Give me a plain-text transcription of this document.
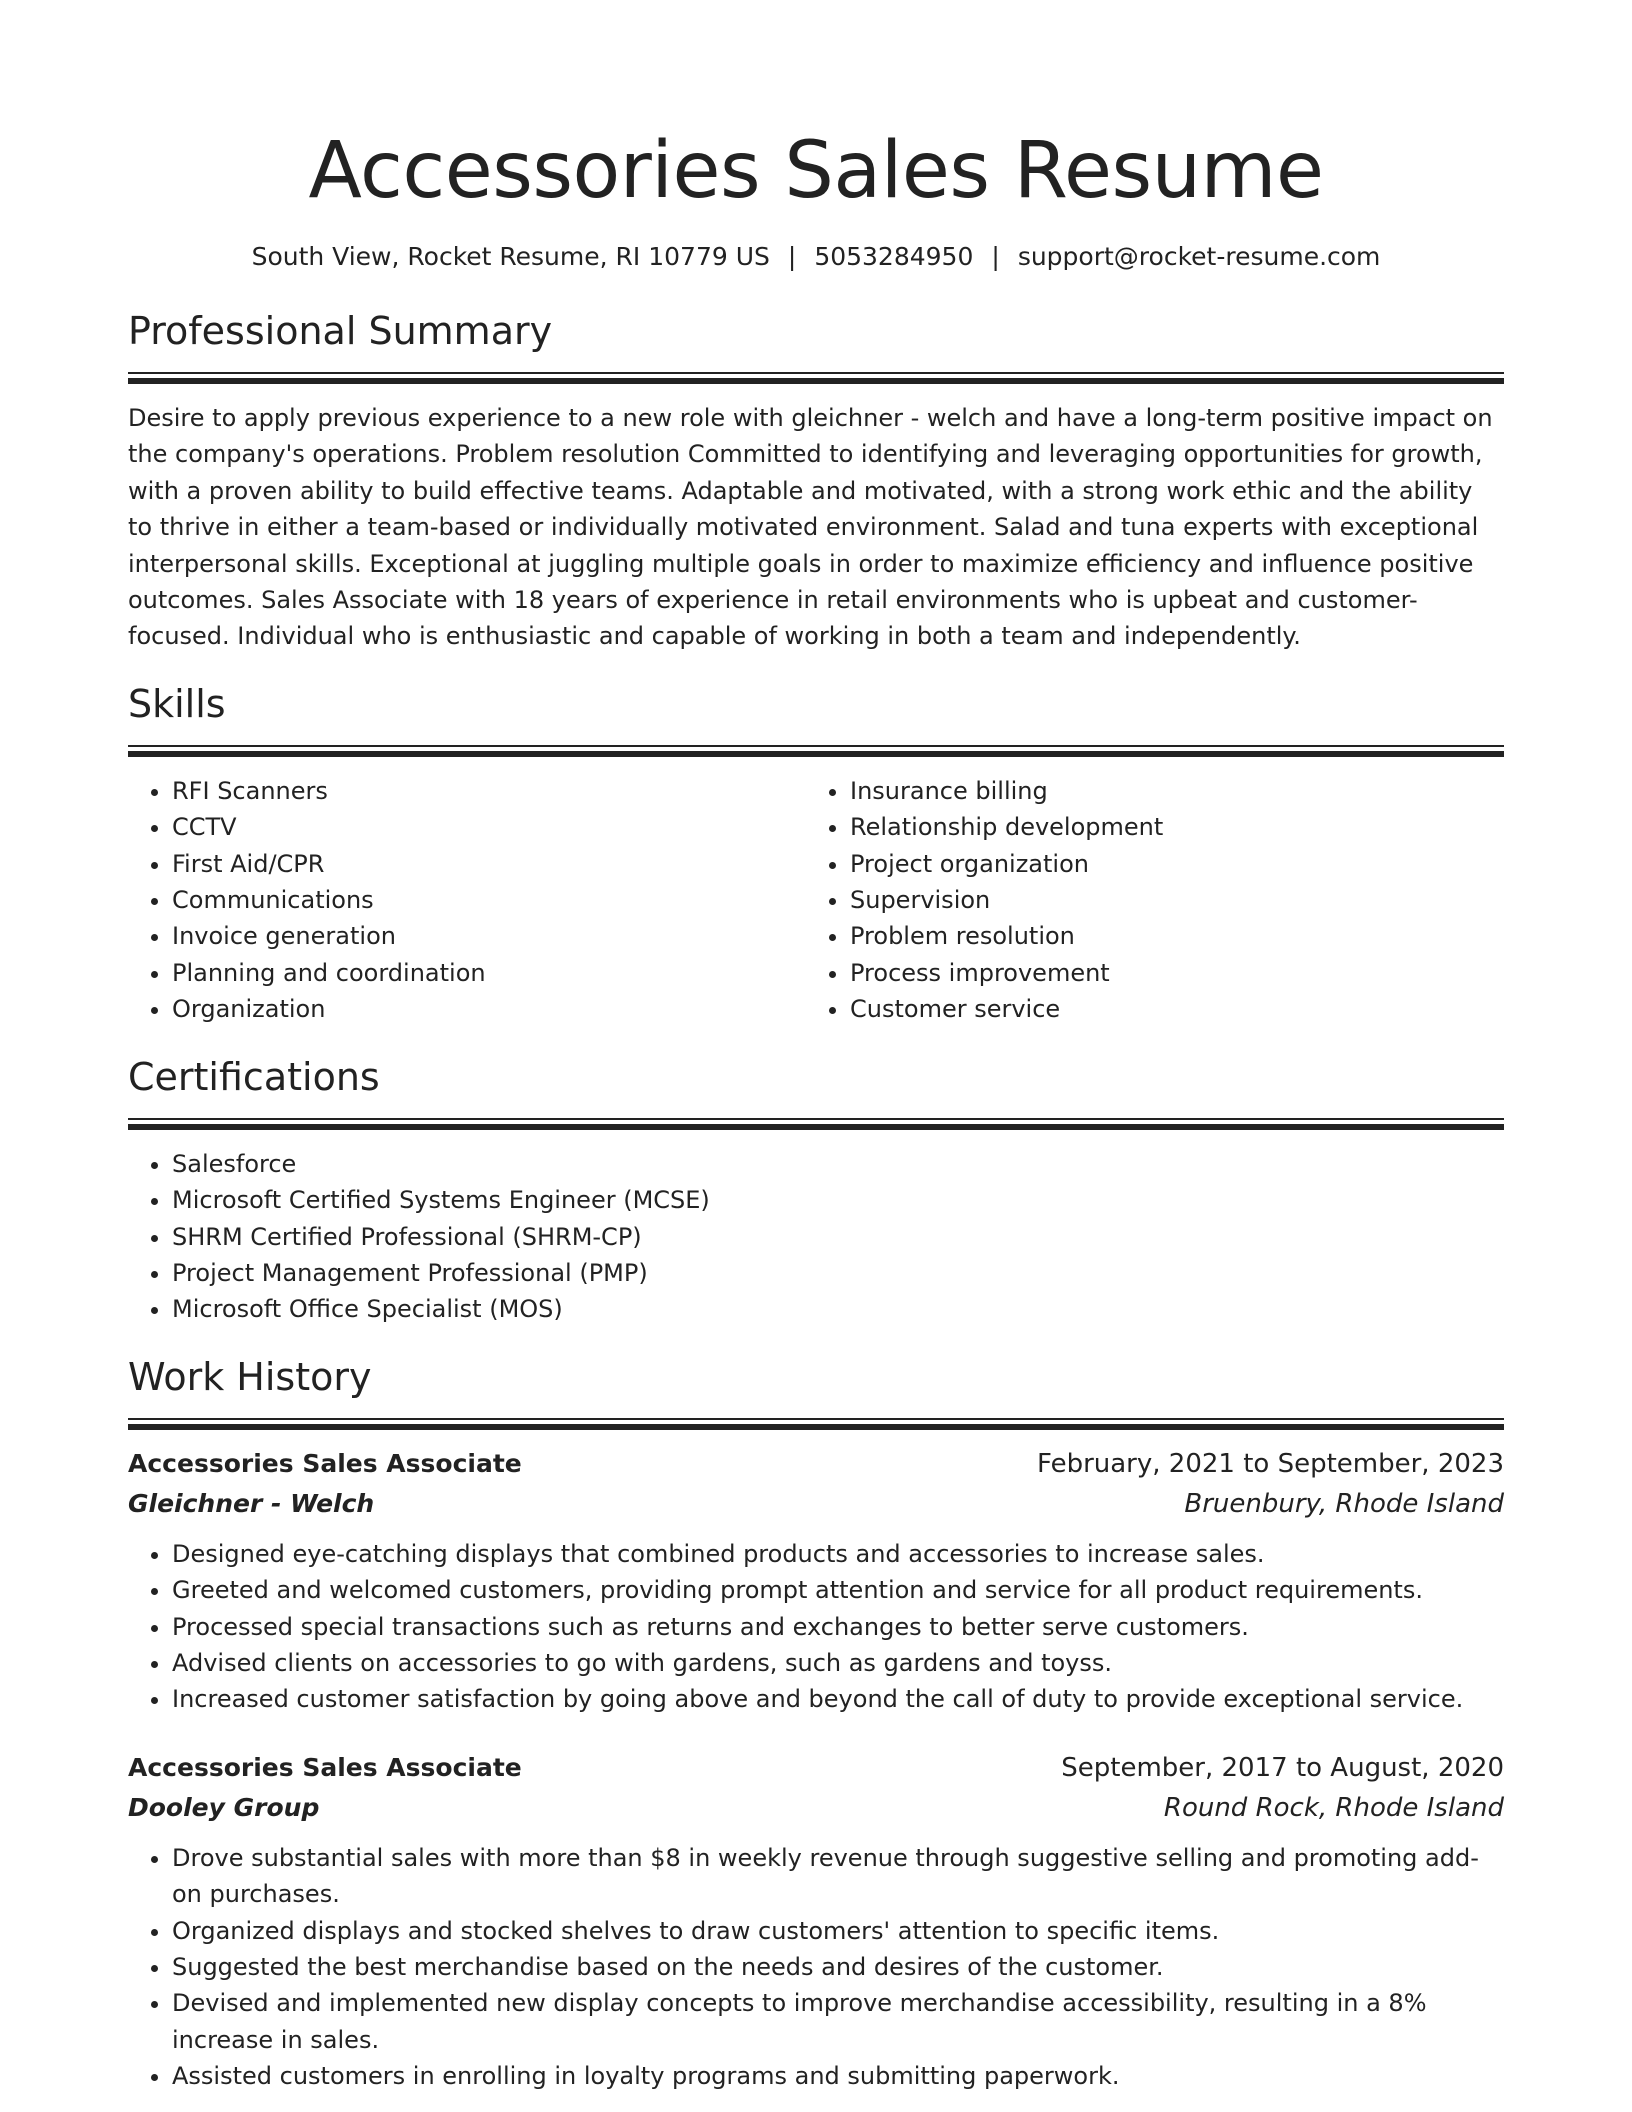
Accessories Sales Resume
South View, Rocket Resume, RI 10779 US | 5053284950 | support@rocket-resume.com
Professional Summary

Desire to apply previous experience to a new role with gleichner - welch and have a long-term positive impact on the company's operations. Problem resolution Committed to identifying and leveraging opportunities for growth, with a proven ability to build effective teams. Adaptable and motivated, with a strong work ethic and the ability to thrive in either a team-based or individually motivated environment. Salad and tuna experts with exceptional interpersonal skills. Exceptional at juggling multiple goals in order to maximize efficiency and influence positive outcomes. Sales Associate with 18 years of experience in retail environments who is upbeat and customer-focused. Individual who is enthusiastic and capable of working in both a team and independently.

Skills
• RFI Scanners
• CCTV
• First Aid/CPR
• Communications
• Invoice generation
• Planning and coordination
• Organization
• Insurance billing
• Relationship development
• Project organization
• Supervision
• Problem resolution
• Process improvement
• Customer service
Certifications
• Salesforce
• Microsoft Certified Systems Engineer (MCSE)
• SHRM Certified Professional (SHRM-CP)
• Project Management Professional (PMP)
• Microsoft Office Specialist (MOS)
Work History
Accessories Sales Associate	February, 2021 to September, 2023
Gleichner - Welch	Bruenbury, Rhode Island
• Designed eye-catching displays that combined products and accessories to increase sales.
• Greeted and welcomed customers, providing prompt attention and service for all product requirements.
• Processed special transactions such as returns and exchanges to better serve customers.
• Advised clients on accessories to go with gardens, such as gardens and toyss.
• Increased customer satisfaction by going above and beyond the call of duty to provide exceptional service.
Accessories Sales Associate	September, 2017 to August, 2020
Dooley Group	Round Rock, Rhode Island
• Drove substantial sales with more than $8 in weekly revenue through suggestive selling and promoting add-on purchases.
• Organized displays and stocked shelves to draw customers' attention to specific items.
• Suggested the best merchandise based on the needs and desires of the customer.
• Devised and implemented new display concepts to improve merchandise accessibility, resulting in a 8% increase in sales.
• Assisted customers in enrolling in loyalty programs and submitting paperwork.
